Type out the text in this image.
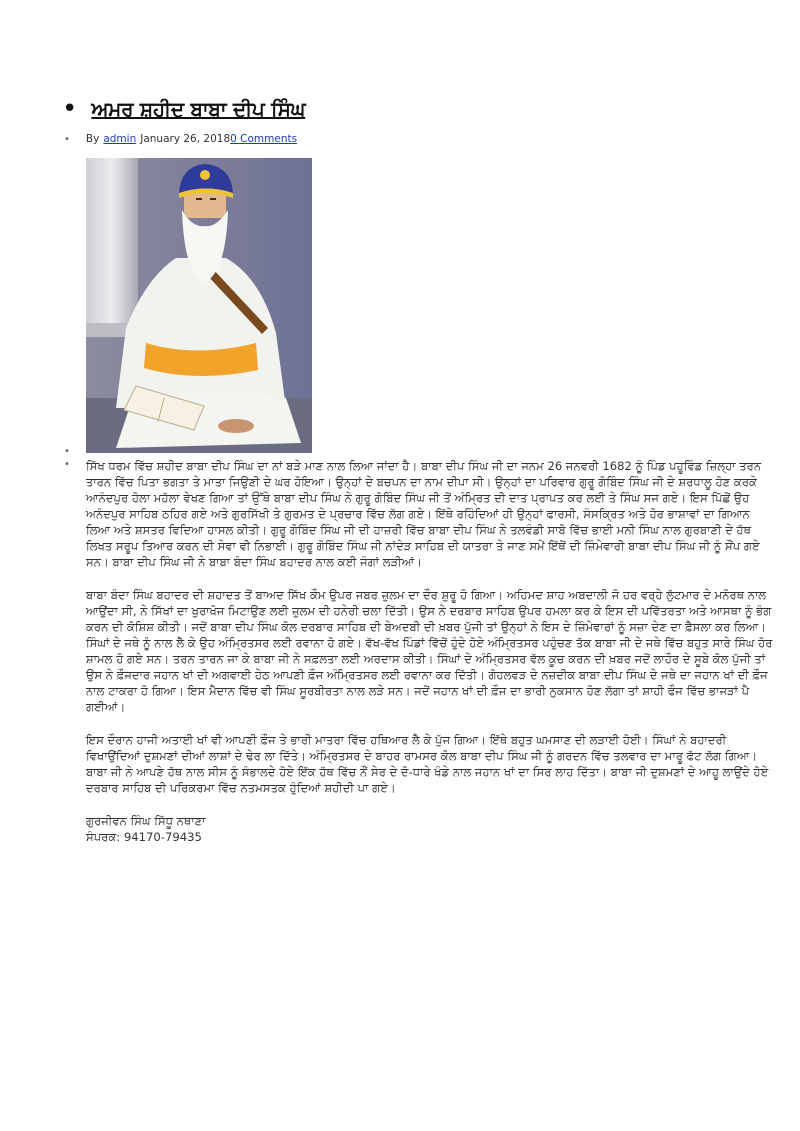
• ਅਮਰ ਸ਼ਹੀਦ ਬਾਬਾ ਦੀਪ ਸਿੰਘ
• By admin January 26, 2018 0 Comments
•
• ਸਿੱਖ ਧਰਮ ਵਿੱਚ ਸ਼ਹੀਦ ਬਾਬਾ ਦੀਪ ਸਿੰਘ ਦਾ ਨਾਂ ਬੜੇ ਮਾਣ ਨਾਲ ਲਿਆ ਜਾਂਦਾ ਹੈ। ਬਾਬਾ ਦੀਪ ਸਿੰਘ ਜੀ ਦਾ ਜਨਮ 26 ਜਨਵਰੀ 1682 ਨੂੰ ਪਿੰਡ ਪਹੂਵਿੰਡ ਜ਼ਿਲ੍ਹਾ ਤਰਨ ਤਾਰਨ ਵਿੱਚ ਪਿਤਾ ਭਗਤਾ ਤੇ ਮਾਤਾ ਜਿਉਣੀ ਦੇ ਘਰ ਹੋਇਆ। ਉਨ੍ਹਾਂ ਦੇ ਬਚਪਨ ਦਾ ਨਾਮ ਦੀਪਾ ਸੀ। ਉਨ੍ਹਾਂ ਦਾ ਪਰਿਵਾਰ ਗੁਰੂ ਗੋਬਿੰਦ ਸਿੰਘ ਜੀ ਦੇ ਸ਼ਰਧਾਲੂ ਹੋਣ ਕਰਕੇ ਆਨੰਦਪੁਰ ਹੋਲਾ ਮਹੱਲਾ ਵੇਖਣ ਗਿਆ ਤਾਂ ਉੱਥੇ ਬਾਬਾ ਦੀਪ ਸਿੰਘ ਨੇ ਗੁਰੂ ਗੋਬਿੰਦ ਸਿੰਘ ਜੀ ਤੋਂ ਅੰਮ੍ਰਿਤ ਦੀ ਦਾਤ ਪ੍ਰਾਪਤ ਕਰ ਲਈ ਤੇ ਸਿੰਘ ਸਜ ਗਏ। ਇਸ ਪਿੱਛੋਂ ਉਹ ਅਨੰਦਪੁਰ ਸਾਹਿਬ ਠਹਿਰ ਗਏ ਅਤੇ ਗੁਰਸਿੱਖੀ ਤੇ ਗੁਰਮਤ ਦੇ ਪ੍ਰਚਾਰ ਵਿੱਚ ਲੱਗ ਗਏ। ਇੱਥੇ ਰਹਿੰਦਿਆਂ ਹੀ ਉਨ੍ਹਾਂ ਫਾਰਸੀ, ਸੰਸਕ੍ਰਿਤ ਅਤੇ ਹੋਰ ਭਾਸ਼ਾਵਾਂ ਦਾ ਗਿਆਨ ਲਿਆ ਅਤੇ ਸ਼ਸਤਰ ਵਿਦਿਆ ਹਾਸਲ ਕੀਤੀ। ਗੁਰੂ ਗੋਬਿੰਦ ਸਿੰਘ ਜੀ ਦੀ ਹਾਜ਼ਰੀ ਵਿੱਚ ਬਾਬਾ ਦੀਪ ਸਿੰਘ ਨੇ ਤਲਵੰਡੀ ਸਾਬੋ ਵਿੱਚ ਭਾਈ ਮਨੀ ਸਿੰਘ ਨਾਲ ਗੁਰਬਾਣੀ ਦੇ ਹੱਥ ਲਿਖਤ ਸਰੂਪ ਤਿਆਰ ਕਰਨ ਦੀ ਸੇਵਾ ਵੀ ਨਿਭਾਈ। ਗੁਰੂ ਗੋਬਿੰਦ ਸਿੰਘ ਜੀ ਨਾਂਦੇੜ ਸਾਹਿਬ ਦੀ ਯਾਤਰਾ ਤੇ ਜਾਣ ਸਮੇਂ ਇੱਥੋਂ ਦੀ ਜ਼ਿੰਮੇਵਾਰੀ ਬਾਬਾ ਦੀਪ ਸਿੰਘ ਜੀ ਨੂੰ ਸੌਂਪ ਗਏ ਸਨ। ਬਾਬਾ ਦੀਪ ਸਿੰਘ ਜੀ ਨੇ ਬਾਬਾ ਬੰਦਾ ਸਿੰਘ ਬਹਾਦਰ ਨਾਲ ਕਈ ਜੰਗਾਂ ਲੜੀਆਂ।

ਬਾਬਾ ਬੰਦਾ ਸਿੰਘ ਬਹਾਦਰ ਦੀ ਸ਼ਹਾਦਤ ਤੋਂ ਬਾਅਦ ਸਿੱਖ ਕੌਮ ਉਪਰ ਜਬਰ ਜ਼ੁਲਮ ਦਾ ਦੌਰ ਸ਼ੁਰੂ ਹੋ ਗਿਆ। ਅਹਿਮਦ ਸ਼ਾਹ ਅਬਦਾਲੀ ਜੋ ਹਰ ਵਰ੍ਹੇ ਲੁੱਟਮਾਰ ਦੇ ਮਨੋਰਥ ਨਾਲ ਆਉਂਦਾ ਸੀ, ਨੇ ਸਿੱਖਾਂ ਦਾ ਖੁਰਾਖੋਜ ਮਿਟਾਉਣ ਲਈ ਜ਼ੁਲਮ ਦੀ ਹਨੇਰੀ ਚਲਾ ਦਿੱਤੀ। ਉਸ ਨੇ ਦਰਬਾਰ ਸਾਹਿਬ ਉਪਰ ਹਮਲਾ ਕਰ ਕੇ ਇਸ ਦੀ ਪਵਿੱਤਰਤਾ ਅਤੇ ਆਸਥਾ ਨੂੰ ਭੰਗ ਕਰਨ ਦੀ ਕੋਸ਼ਿਸ਼ ਕੀਤੀ। ਜਦੋਂ ਬਾਬਾ ਦੀਪ ਸਿੰਘ ਕੋਲ ਦਰਬਾਰ ਸਾਹਿਬ ਦੀ ਬੇਅਦਬੀ ਦੀ ਖ਼ਬਰ ਪੁੱਜੀ ਤਾਂ ਉਨ੍ਹਾਂ ਨੇ ਇਸ ਦੇ ਜ਼ਿੰਮੇਵਾਰਾਂ ਨੂੰ ਸਜ਼ਾ ਦੇਣ ਦਾ ਫ਼ੈਸਲਾ ਕਰ ਲਿਆ। ਸਿੰਘਾਂ ਦੇ ਜਥੇ ਨੂੰ ਨਾਲ ਲੈ ਕੇ ਉਹ ਅੰਮ੍ਰਿਤਸਰ ਲਈ ਰਵਾਨਾ ਹੋ ਗਏ। ਵੱਖ-ਵੱਖ ਪਿੰਡਾਂ ਵਿੱਚੋਂ ਹੁੰਦੇ ਹੋਏ ਅੰਮ੍ਰਿਤਸਰ ਪਹੁੰਚਣ ਤੱਕ ਬਾਬਾ ਜੀ ਦੇ ਜਥੇ ਵਿੱਚ ਬਹੁਤ ਸਾਰੇ ਸਿੰਘ ਹੋਰ ਸ਼ਾਮਲ ਹੋ ਗਏ ਸਨ। ਤਰਨ ਤਾਰਨ ਜਾ ਕੇ ਬਾਬਾ ਜੀ ਨੇ ਸਫ਼ਲਤਾ ਲਈ ਅਰਦਾਸ ਕੀਤੀ। ਸਿੰਘਾਂ ਦੇ ਅੰਮ੍ਰਿਤਸਰ ਵੱਲ ਕੂਚ ਕਰਨ ਦੀ ਖ਼ਬਰ ਜਦੋਂ ਲਾਹੌਰ ਦੇ ਸੂਬੇ ਕੋਲ ਪੁੱਜੀ ਤਾਂ ਉਸ ਨੇ ਫ਼ੌਜਦਾਰ ਜਹਾਨ ਖਾਂ ਦੀ ਅਗਵਾਈ ਹੇਠ ਆਪਣੀ ਫ਼ੌਜ ਅੰਮ੍ਰਿਤਸਰ ਲਈ ਰਵਾਨਾ ਕਰ ਦਿੱਤੀ। ਗੋਹਲਵੜ ਦੇ ਨਜ਼ਦੀਕ ਬਾਬਾ ਦੀਪ ਸਿੰਘ ਦੇ ਜਥੇ ਦਾ ਜਹਾਨ ਖਾਂ ਦੀ ਫ਼ੌਜ ਨਾਲ ਟਾਕਰਾ ਹੋ ਗਿਆ। ਇਸ ਮੈਦਾਨ ਵਿੱਚ ਵੀ ਸਿੰਘ ਸੂਰਬੀਰਤਾ ਨਾਲ ਲੜੇ ਸਨ। ਜਦੋਂ ਜਹਾਨ ਖਾਂ ਦੀ ਫ਼ੌਜ ਦਾ ਭਾਰੀ ਨੁਕਸਾਨ ਹੋਣ ਲੱਗਾ ਤਾਂ ਸ਼ਾਹੀ ਫੌਜ ਵਿੱਚ ਭਾਜੜਾਂ ਪੈ ਗਈਆਂ।

ਇਸ ਦੌਰਾਨ ਹਾਜੀ ਅਤਾਈ ਖਾਂ ਵੀ ਆਪਣੀ ਫ਼ੌਜ ਤੇ ਭਾਰੀ ਮਾਤਰਾ ਵਿੱਚ ਹਥਿਆਰ ਲੈ ਕੇ ਪੁੱਜ ਗਿਆ। ਇੱਥੇ ਬਹੁਤ ਘਮਸਾਣ ਦੀ ਲੜਾਈ ਹੋਈ। ਸਿੰਘਾਂ ਨੇ ਬਹਾਦਰੀ ਵਿਖਾਉਂਦਿਆਂ ਦੁਸ਼ਮਣਾਂ ਦੀਆਂ ਲਾਸ਼ਾਂ ਦੇ ਢੇਰ ਲਾ ਦਿੱਤੇ। ਅੰਮ੍ਰਿਤਸਰ ਦੇ ਬਾਹਰ ਰਾਮਸਰ ਕੋਲ ਬਾਬਾ ਦੀਪ ਸਿੰਘ ਜੀ ਨੂੰ ਗਰਦਨ ਵਿੱਚ ਤਲਵਾਰ ਦਾ ਮਾਰੂ ਫੱਟ ਲੱਗ ਗਿਆ। ਬਾਬਾ ਜੀ ਨੇ ਆਪਣੇ ਹੱਥ ਨਾਲ ਸੀਸ ਨੂੰ ਸੰਭਾਲਦੇ ਹੋਏ ਇੱਕ ਹੱਥ ਵਿੱਚ ਨੌਂ ਸੇਰ ਦੇ ਦੋ-ਧਾਰੇ ਖੰਡੇ ਨਾਲ ਜਹਾਨ ਖਾਂ ਦਾ ਸਿਰ ਲਾਹ ਦਿੱਤਾ। ਬਾਬਾ ਜੀ ਦੁਸ਼ਮਣਾਂ ਦੇ ਆਹੂ ਲਾਉਂਦੇ ਹੋਏ ਦਰਬਾਰ ਸਾਹਿਬ ਦੀ ਪਰਿਕਰਮਾ ਵਿੱਚ ਨਤਮਸਤਕ ਹੁੰਦਿਆਂ ਸ਼ਹੀਦੀ ਪਾ ਗਏ।

ਗੁਰਜੀਵਨ ਸਿੰਘ ਸਿੱਧੂ ਨਥਾਣਾ
ਸੰਪਰਕ: 94170-79435
